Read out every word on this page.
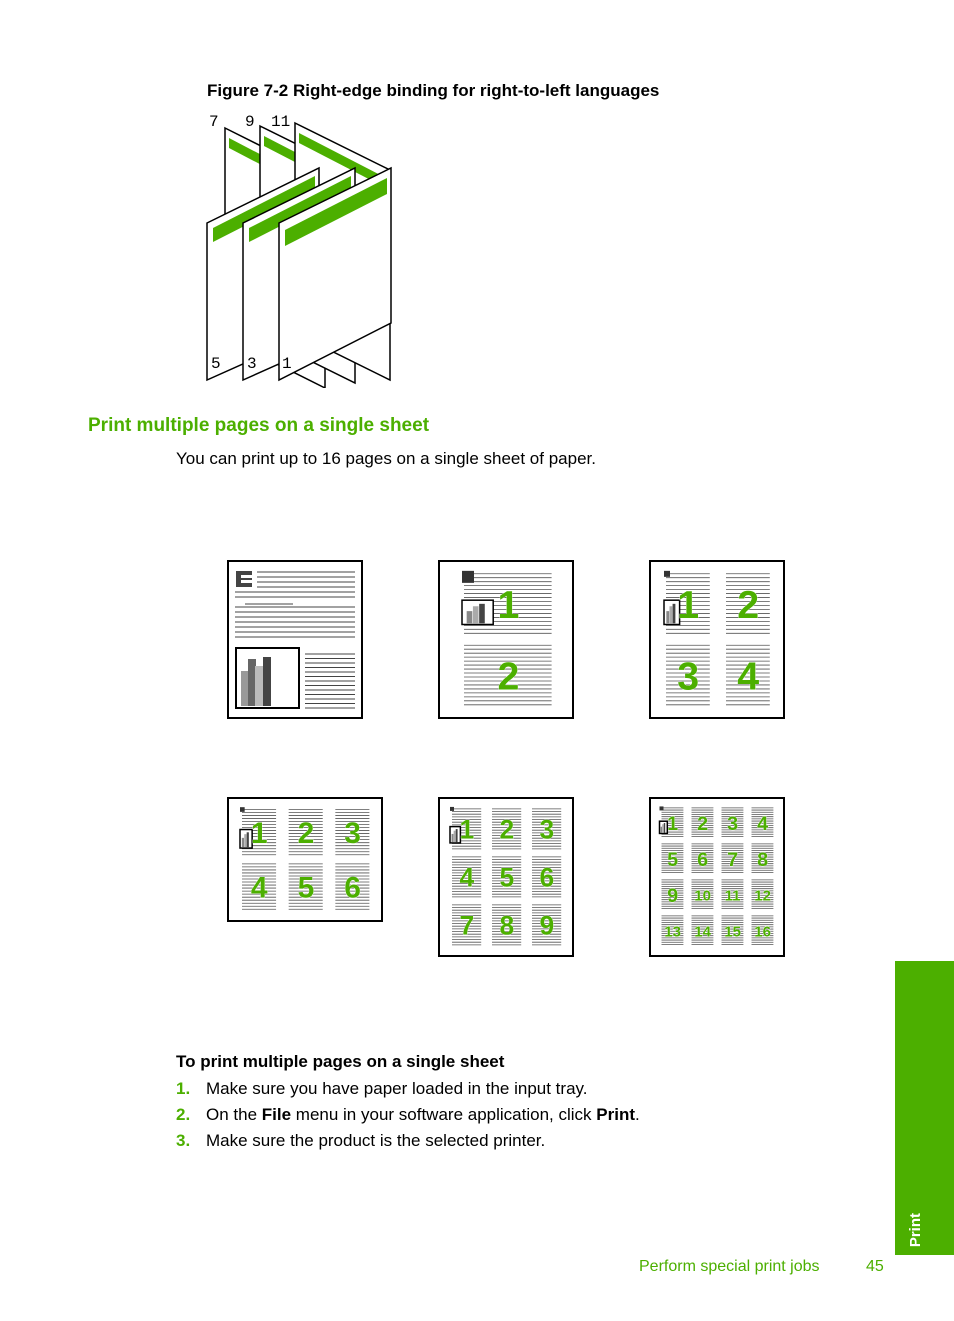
Figure 7-2 Right-edge binding for right-to-left languages
7 9 11
5 3 1
Print multiple pages on a single sheet
You can print up to 16 pages on a single sheet of paper.
1
2
1 2
3 4
1 2 3
4 5 6
1 2 3
4 5 6
7 8 9
1 2 3 4
5 6 7 8
9 10 11 12
13 14 15 16
To print multiple pages on a single sheet
1. Make sure you have paper loaded in the input tray.
2. On the File menu in your software application, click Print.
3. Make sure the product is the selected printer.
Print
Perform special print jobs	45
